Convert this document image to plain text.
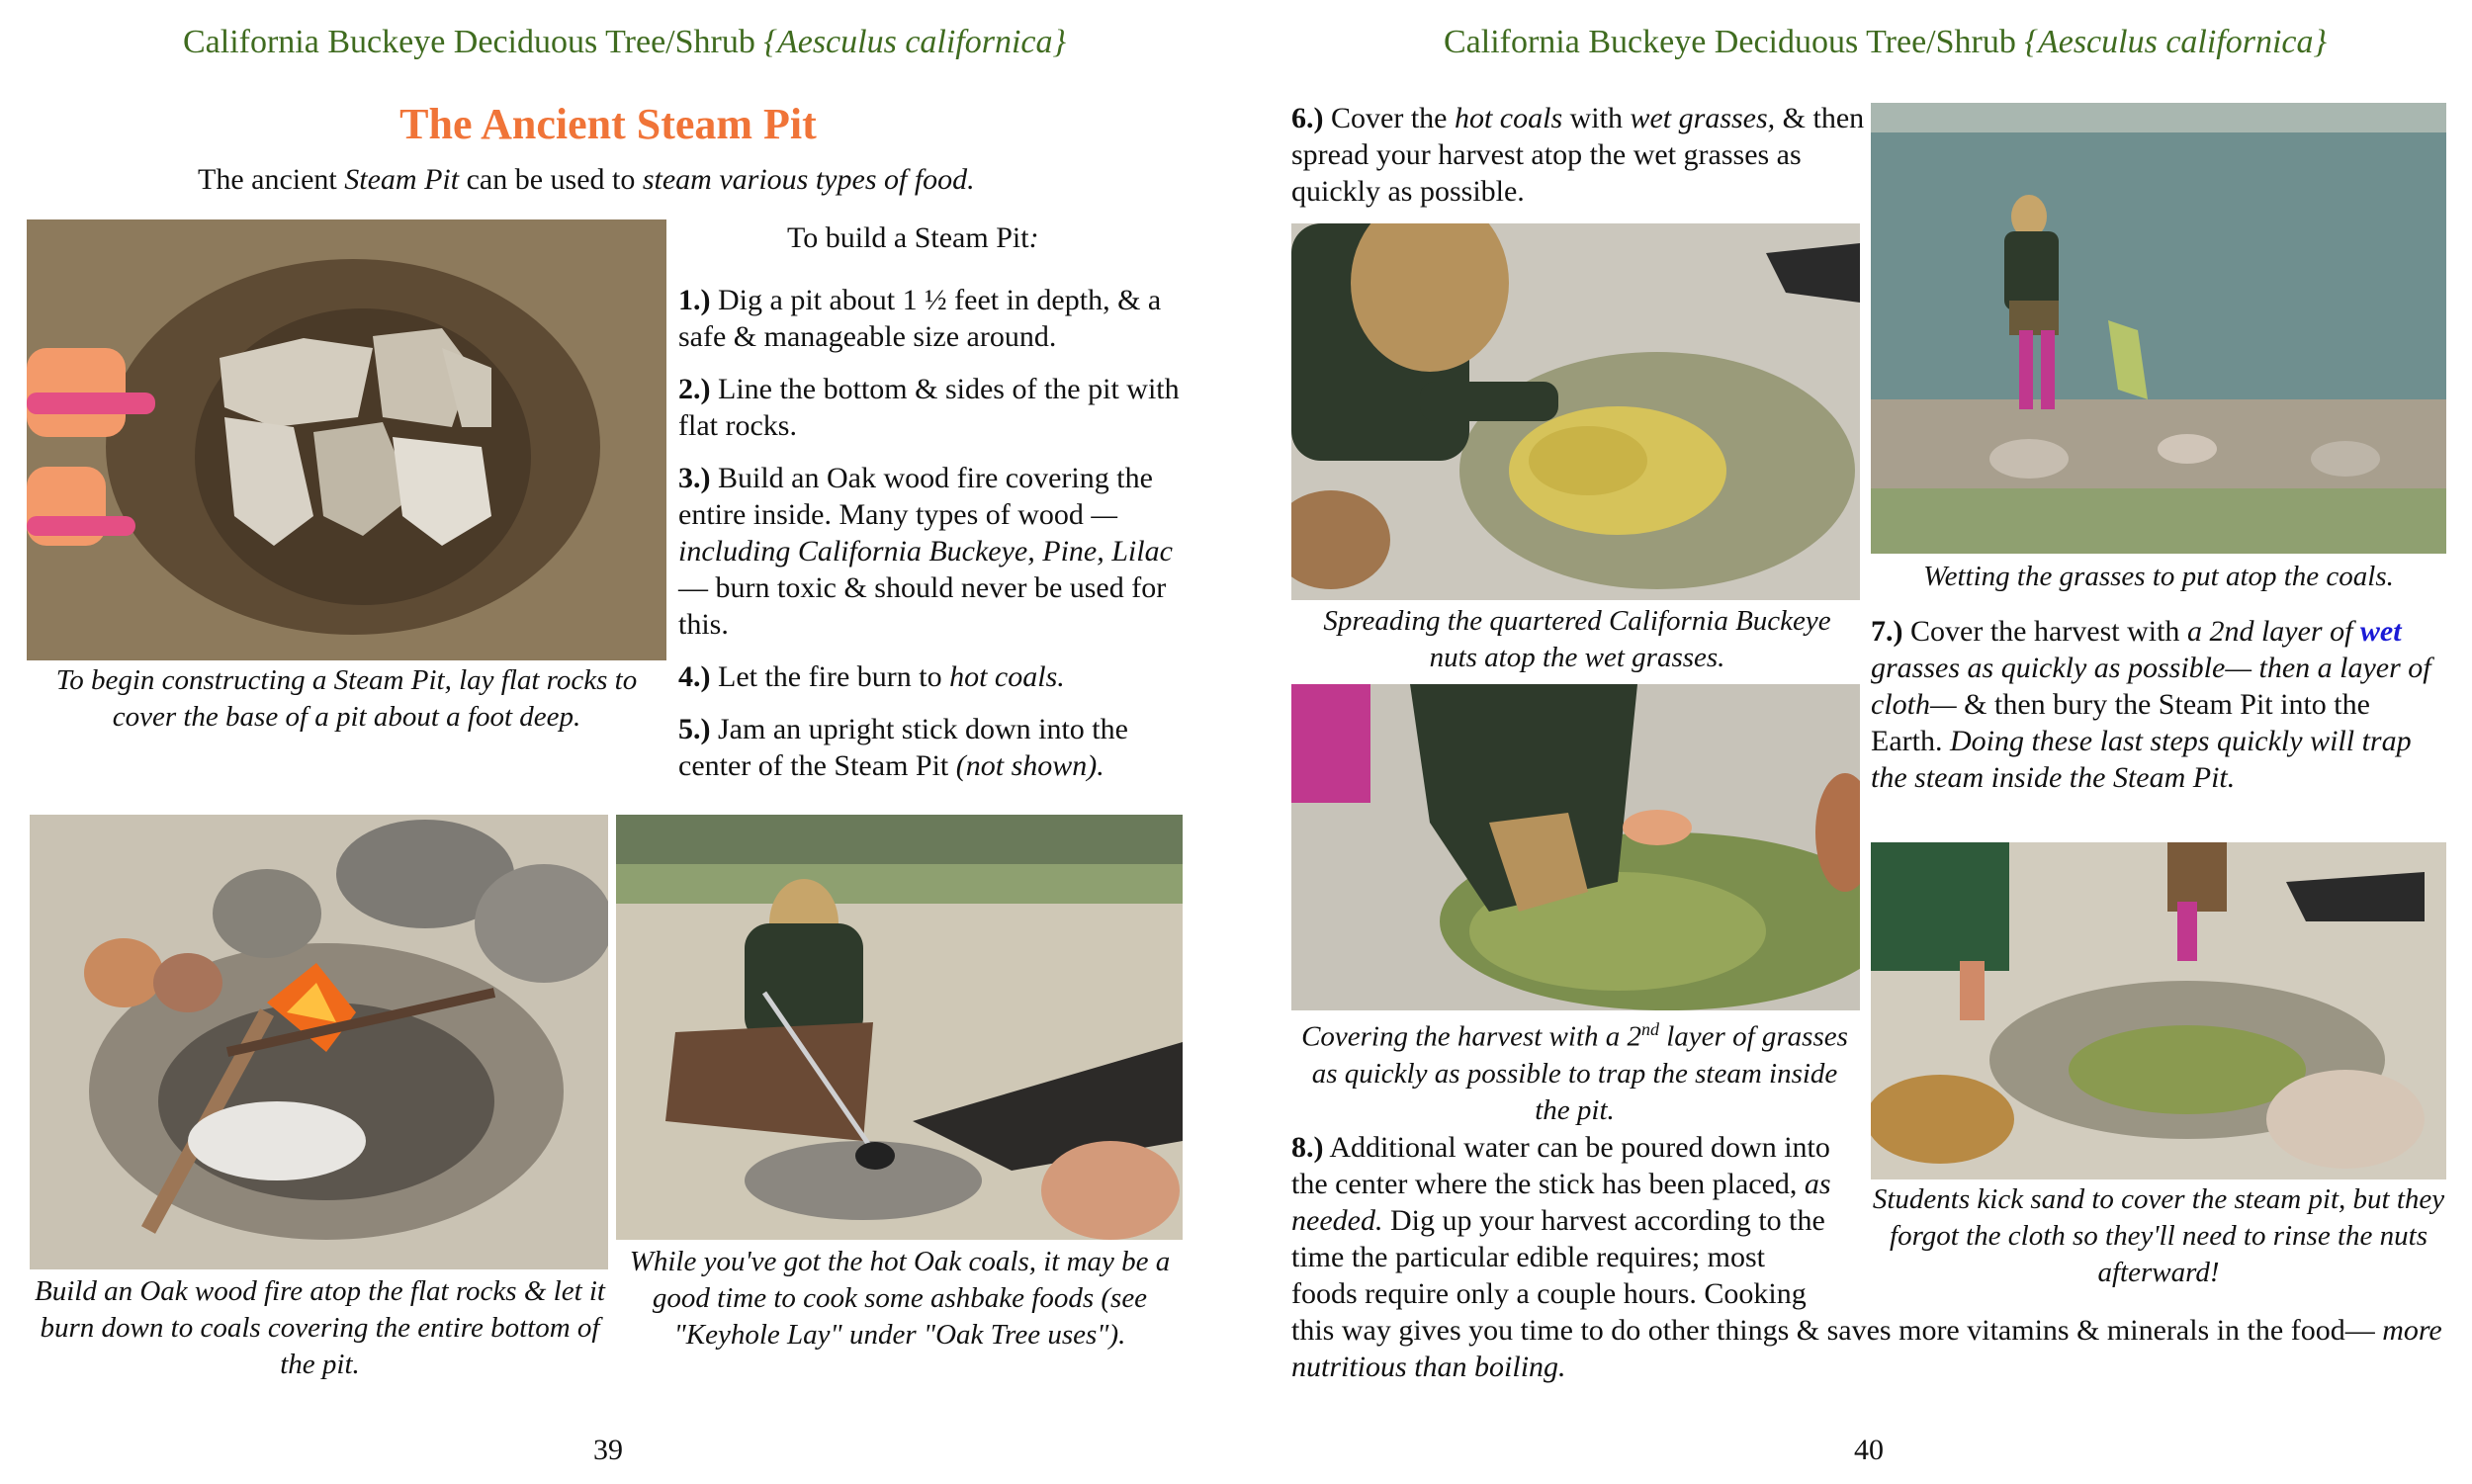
California Buckeye Deciduous Tree/Shrub {Aesculus californica}
The Ancient Steam Pit
The ancient Steam Pit can be used to steam various types of food.
To begin constructing a Steam Pit, lay flat rocks to cover the base of a pit about a foot deep.
To build a Steam Pit:

1.) Dig a pit about 1 ½ feet in depth, & a safe & manageable size around.

2.) Line the bottom & sides of the pit with flat rocks.

3.) Build an Oak wood fire covering the entire inside. Many types of wood — including California Buckeye, Pine, Lilac— burn toxic & should never be used for this.

4.) Let the fire burn to hot coals.

5.) Jam an upright stick down into the center of the Steam Pit (not shown).

Build an Oak wood fire atop the flat rocks & let it burn down to coals covering the entire bottom of the pit.
While you've got the hot Oak coals, it may be a good time to cook some ashbake foods (see "Keyhole Lay" under "Oak Tree uses").
39
California Buckeye Deciduous Tree/Shrub {Aesculus californica}
6.) Cover the hot coals with wet grasses, & then spread your harvest atop the wet grasses as quickly as possible.
Wetting the grasses to put atop the coals.
Spreading the quartered California Buckeye nuts atop the wet grasses.
7.) Cover the harvest with a 2nd layer of wet grasses as quickly as possible— then a layer of cloth— & then bury the Steam Pit into the Earth. Doing these last steps quickly will trap the steam inside the Steam Pit.
Covering the harvest with a 2nd layer of grasses as quickly as possible to trap the steam inside the pit.
Students kick sand to cover the steam pit, but they forgot the cloth so they'll need to rinse the nuts afterward!
8.) Additional water can be poured down into the center where the stick has been placed, as needed. Dig up your harvest according to the time the particular edible requires; most foods require only a couple hours. Cooking this way gives you time to do other things & saves more vitamins & minerals in the food— more nutritious than boiling.
40
